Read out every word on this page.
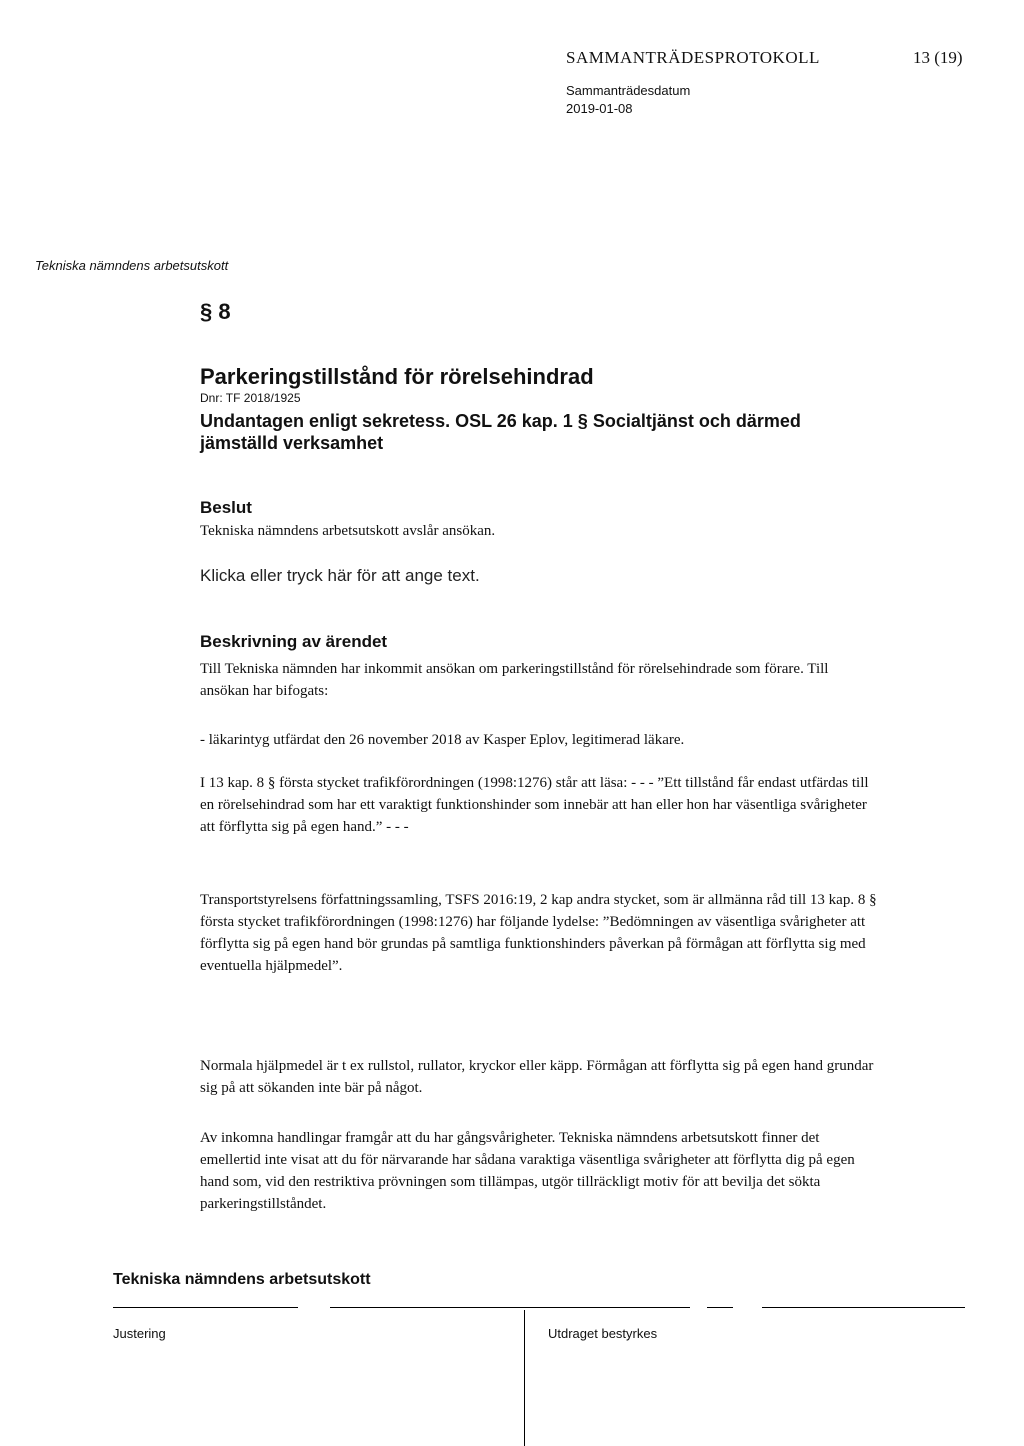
SAMMANTRÄDESPROTOKOLL	13 (19)
Sammanträdesdatum
2019-01-08
Tekniska nämndens arbetsutskott
§ 8
Parkeringstillstånd för rörelsehindrad
Dnr: TF 2018/1925
Undantagen enligt sekretess. OSL 26 kap. 1 § Socialtjänst och därmed jämställd verksamhet
Beslut
Tekniska nämndens arbetsutskott avslår ansökan.
Klicka eller tryck här för att ange text.
Beskrivning av ärendet
Till Tekniska nämnden har inkommit ansökan om parkeringstillstånd för rörelsehindrade som förare. Till ansökan har bifogats:
- läkarintyg utfärdat den 26 november 2018 av Kasper Eplov, legitimerad läkare.
I 13 kap. 8 § första stycket trafikförordningen (1998:1276) står att läsa: - - - ”Ett tillstånd får endast utfärdas till en rörelsehindrad som har ett varaktigt funktionshinder som innebär att han eller hon har väsentliga svårigheter att förflytta sig på egen hand.” - - -
Transportstyrelsens författningssamling, TSFS 2016:19, 2 kap andra stycket, som är allmänna råd till 13 kap. 8 § första stycket trafikförordningen (1998:1276) har följande lydelse: ”Bedömningen av väsentliga svårigheter att förflytta sig på egen hand bör grundas på samtliga funktionshinders påverkan på förmågan att förflytta sig med eventuella hjälpmedel”.
Normala hjälpmedel är t ex rullstol, rullator, kryckor eller käpp. Förmågan att förflytta sig på egen hand grundar sig på att sökanden inte bär på något.
Av inkomna handlingar framgår att du har gångsvårigheter. Tekniska nämndens arbetsutskott finner det emellertid inte visat att du för närvarande har sådana varaktiga väsentliga svårigheter att förflytta dig på egen hand som, vid den restriktiva prövningen som tillämpas, utgör tillräckligt motiv för att bevilja det sökta parkeringstillståndet.
Tekniska nämndens arbetsutskott
Justering	Utdraget bestyrkes
